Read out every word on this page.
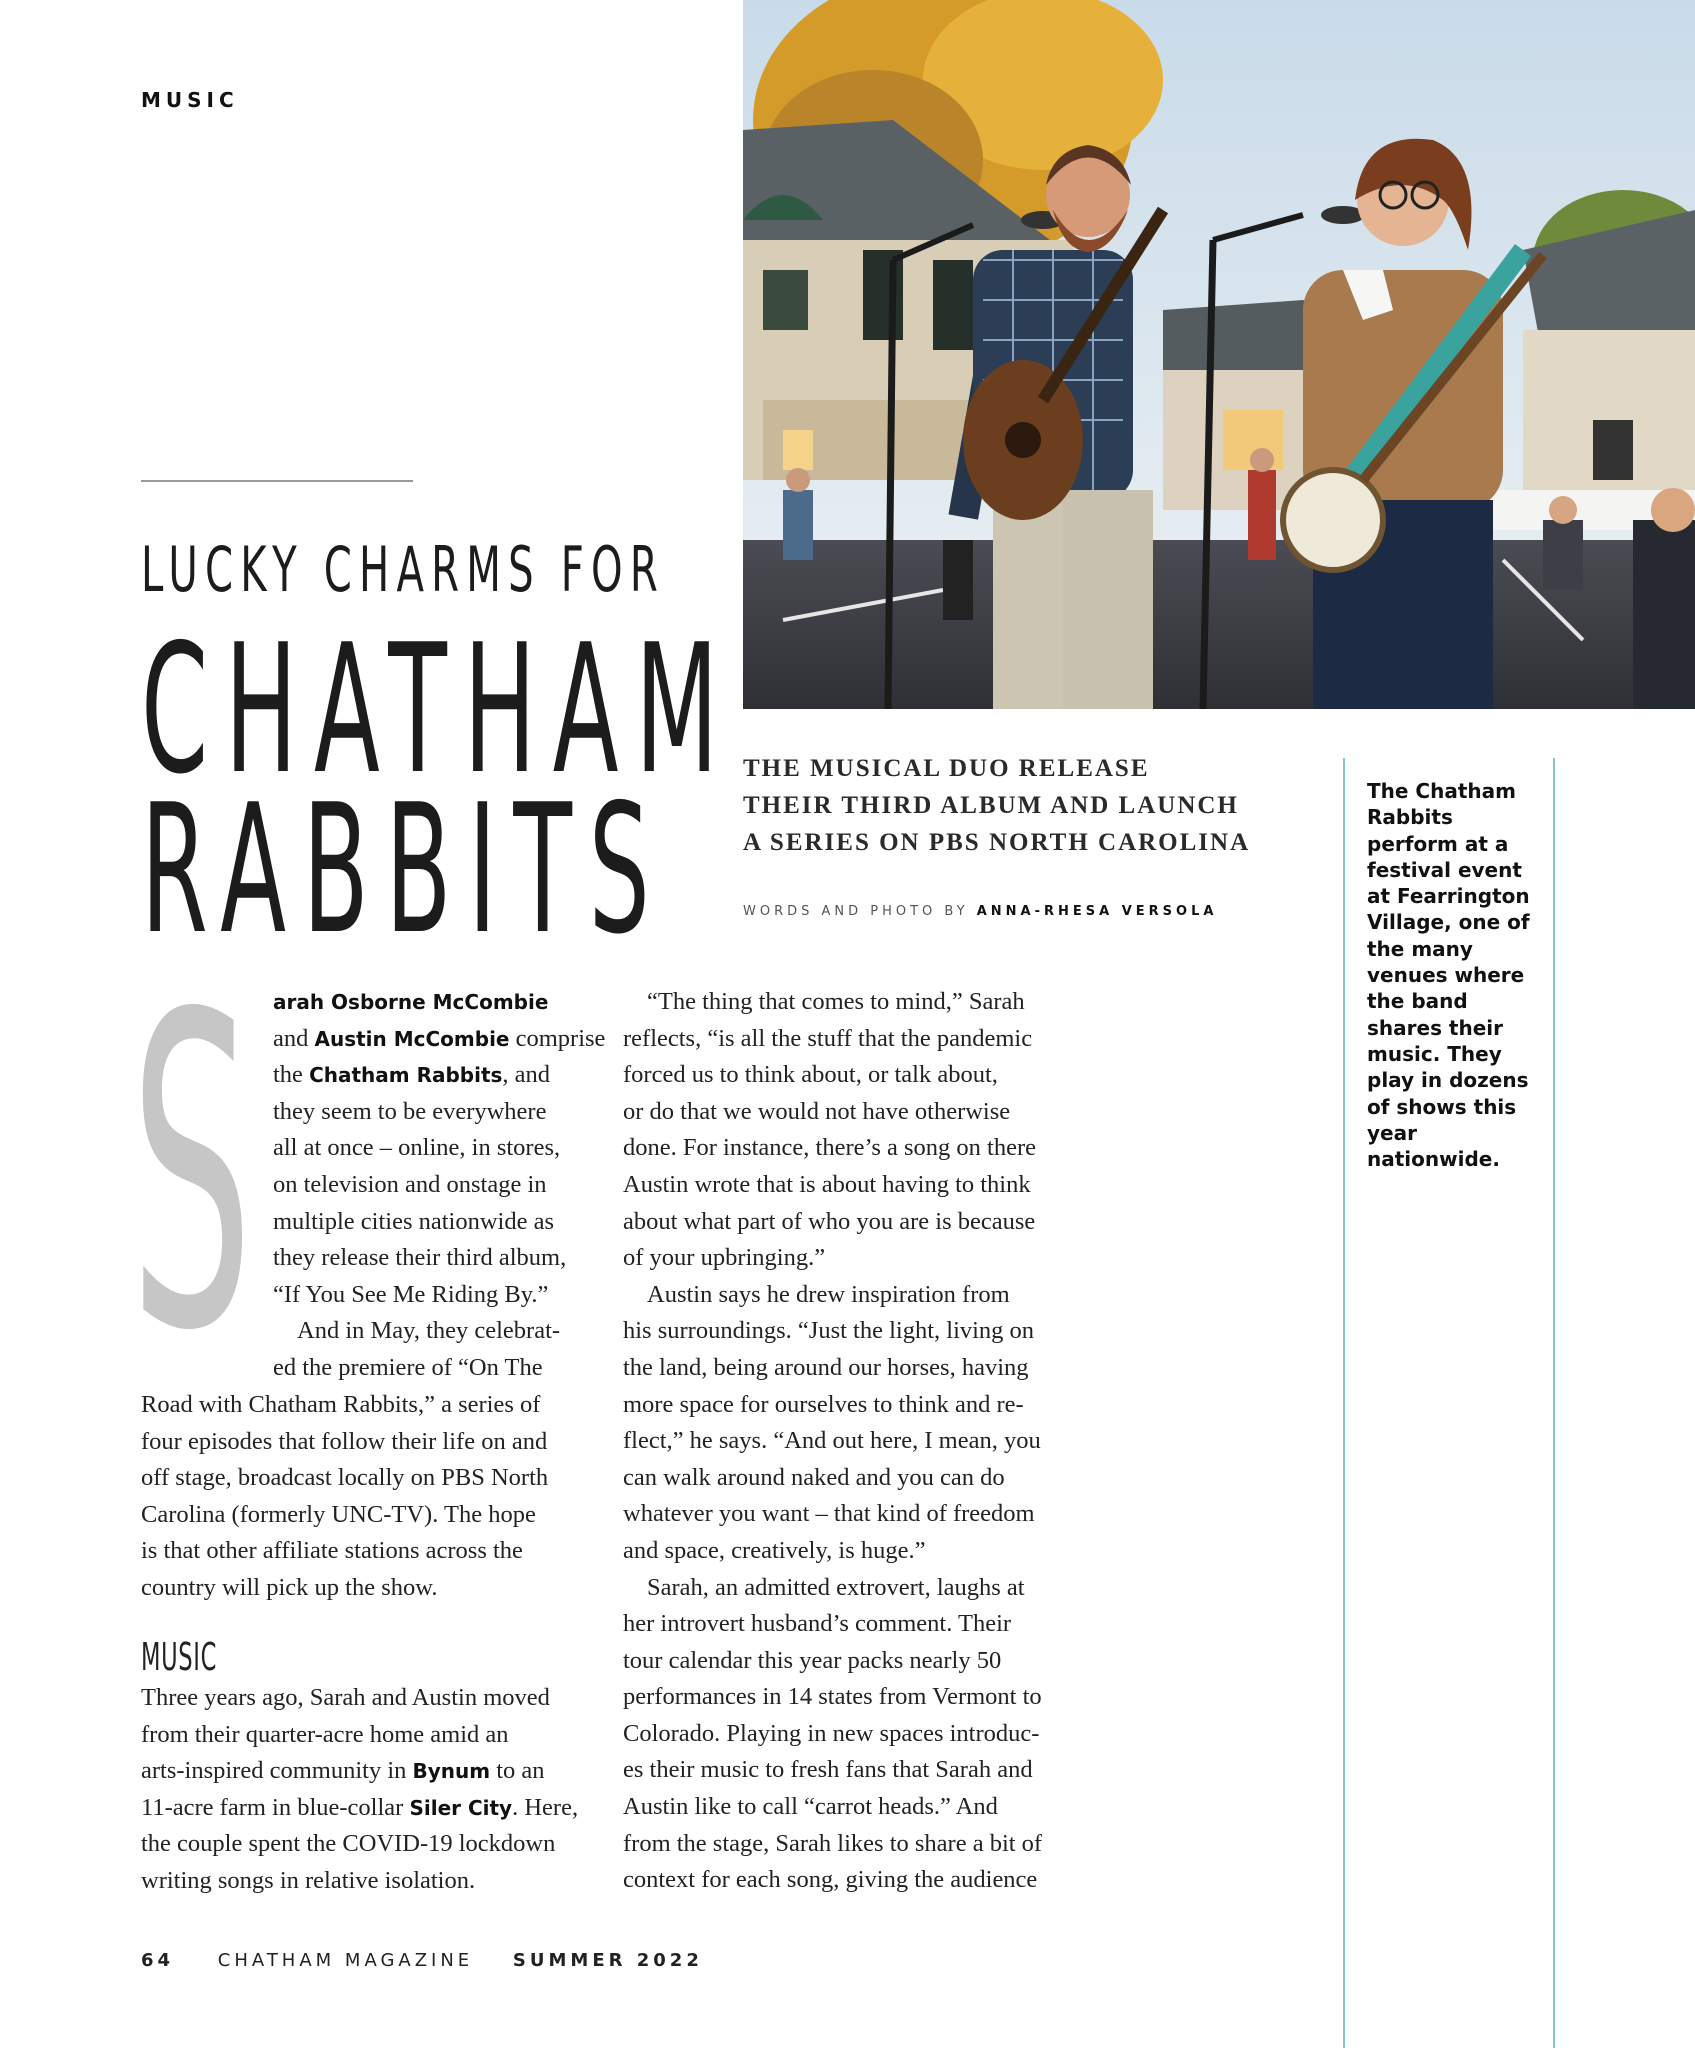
MUSIC
LUCKY CHARMS FOR
CHATHAM
RABBITS	THE MUSICAL DUO RELEASE
THEIR THIRD ALBUM AND LAUNCH
A SERIES ON PBS NORTH CAROLINA
WORDS AND PHOTO BY ANNA-RHESA VERSOLA
The Chatham Rabbits perform at a festival event at Fearrington Village, one of the many venues where the band shares their music. They play in dozens of shows this year nationwide.
S arah Osborne McCombie
and Austin McCombie comprise
the Chatham Rabbits, and
they seem to be everywhere
all at once – online, in stores,
on television and onstage in
multiple cities nationwide as
they release their third album,
“If You See Me Riding By.”
And in May, they celebrat-
ed the premiere of “On The
Road with Chatham Rabbits,” a series of
four episodes that follow their life on and
off stage, broadcast locally on PBS North
Carolina (formerly UNC-TV). The hope
is that other affiliate stations across the
country will pick up the show.
MUSIC
Three years ago, Sarah and Austin moved
from their quarter-acre home amid an
arts-inspired community in Bynum to an
11-acre farm in blue-collar Siler City. Here,
the couple spent the COVID-19 lockdown
writing songs in relative isolation.
“The thing that comes to mind,” Sarah
reflects, “is all the stuff that the pandemic
forced us to think about, or talk about,
or do that we would not have otherwise
done. For instance, there’s a song on there
Austin wrote that is about having to think
about what part of who you are is because
of your upbringing.”
Austin says he drew inspiration from
his surroundings. “Just the light, living on
the land, being around our horses, having
more space for ourselves to think and re-
flect,” he says. “And out here, I mean, you
can walk around naked and you can do
whatever you want – that kind of freedom
and space, creatively, is huge.”
Sarah, an admitted extrovert, laughs at
her introvert husband’s comment. Their
tour calendar this year packs nearly 50
performances in 14 states from Vermont to
Colorado. Playing in new spaces introduc-
es their music to fresh fans that Sarah and
Austin like to call “carrot heads.” And
from the stage, Sarah likes to share a bit of
context for each song, giving the audience
64 CHATHAM MAGAZINE SUMMER 2022
